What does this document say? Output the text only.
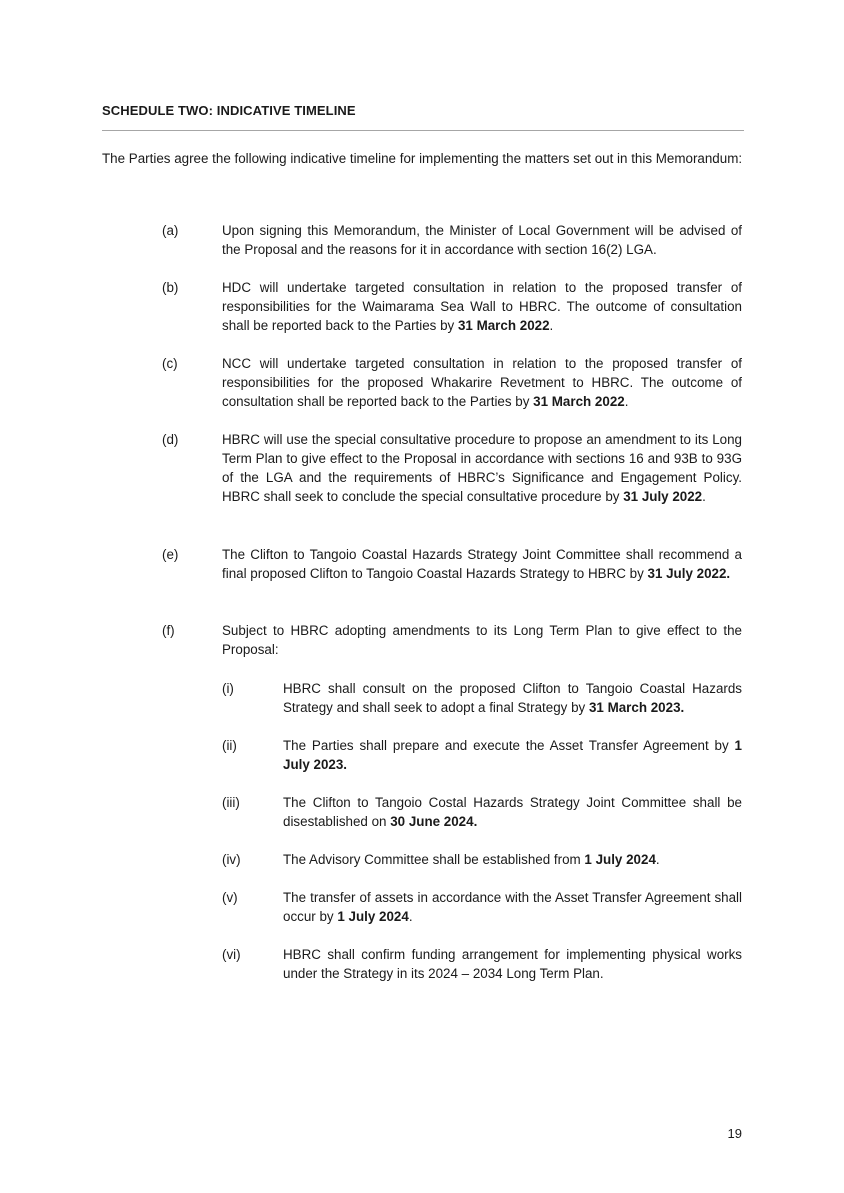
SCHEDULE TWO: INDICATIVE TIMELINE
The Parties agree the following indicative timeline for implementing the matters set out in this Memorandum:
(a)	Upon signing this Memorandum, the Minister of Local Government will be advised of the Proposal and the reasons for it in accordance with section 16(2) LGA.
(b)	HDC will undertake targeted consultation in relation to the proposed transfer of responsibilities for the Waimarama Sea Wall to HBRC. The outcome of consultation shall be reported back to the Parties by 31 March 2022.
(c)	NCC will undertake targeted consultation in relation to the proposed transfer of responsibilities for the proposed Whakarire Revetment to HBRC. The outcome of consultation shall be reported back to the Parties by 31 March 2022.
(d)	HBRC will use the special consultative procedure to propose an amendment to its Long Term Plan to give effect to the Proposal in accordance with sections 16 and 93B to 93G of the LGA and the requirements of HBRC’s Significance and Engagement Policy. HBRC shall seek to conclude the special consultative procedure by 31 July 2022.
(e)	The Clifton to Tangoio Coastal Hazards Strategy Joint Committee shall recommend a final proposed Clifton to Tangoio Coastal Hazards Strategy to HBRC by 31 July 2022.
(f)	Subject to HBRC adopting amendments to its Long Term Plan to give effect to the Proposal:
(i)	HBRC shall consult on the proposed Clifton to Tangoio Coastal Hazards Strategy and shall seek to adopt a final Strategy by 31 March 2023.
(ii)	The Parties shall prepare and execute the Asset Transfer Agreement by 1 July 2023.
(iii)	The Clifton to Tangoio Costal Hazards Strategy Joint Committee shall be disestablished on 30 June 2024.
(iv)	The Advisory Committee shall be established from 1 July 2024.
(v)	The transfer of assets in accordance with the Asset Transfer Agreement shall occur by 1 July 2024.
(vi)	HBRC shall confirm funding arrangement for implementing physical works under the Strategy in its 2024 – 2034 Long Term Plan.
19
